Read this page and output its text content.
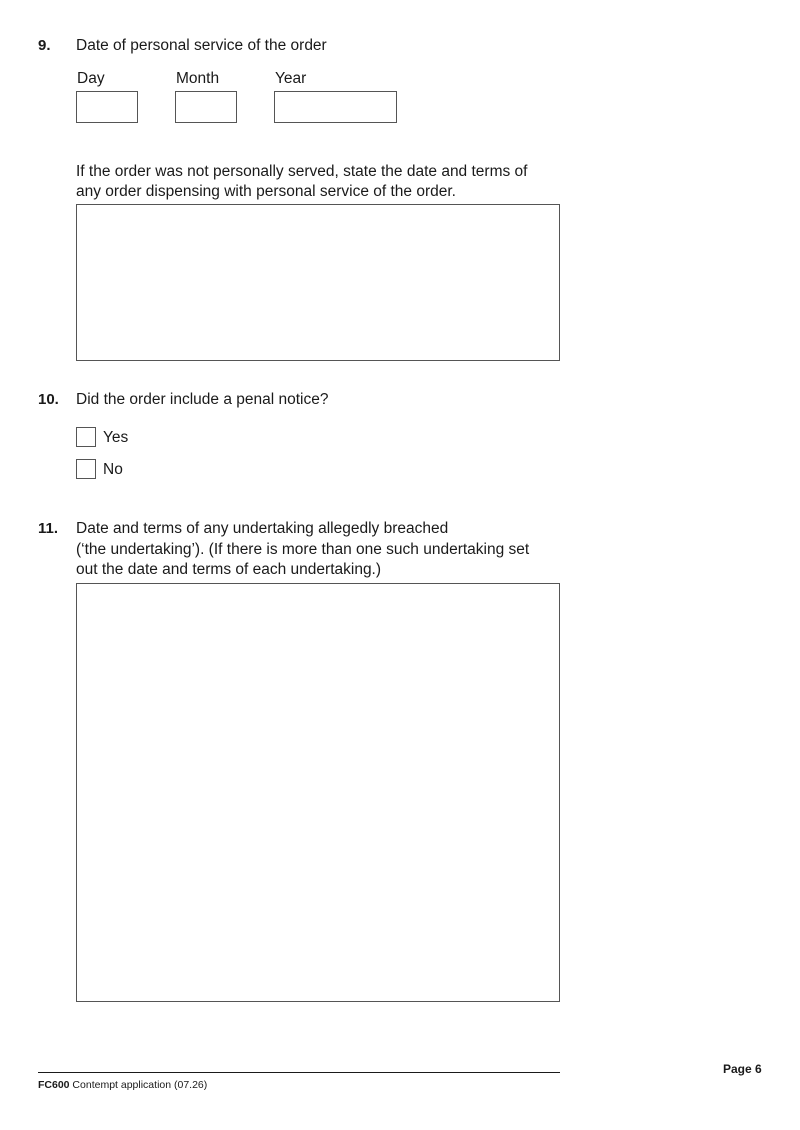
9. Date of personal service of the order
Day	Month	Year
If the order was not personally served, state the date and terms of
any order dispensing with personal service of the order.
10. Did the order include a penal notice?
Yes
No
11. Date and terms of any undertaking allegedly breached
(‘the undertaking’). (If there is more than one such undertaking set
out the date and terms of each undertaking.)
Page 6
FC600 Contempt application (07.26)
